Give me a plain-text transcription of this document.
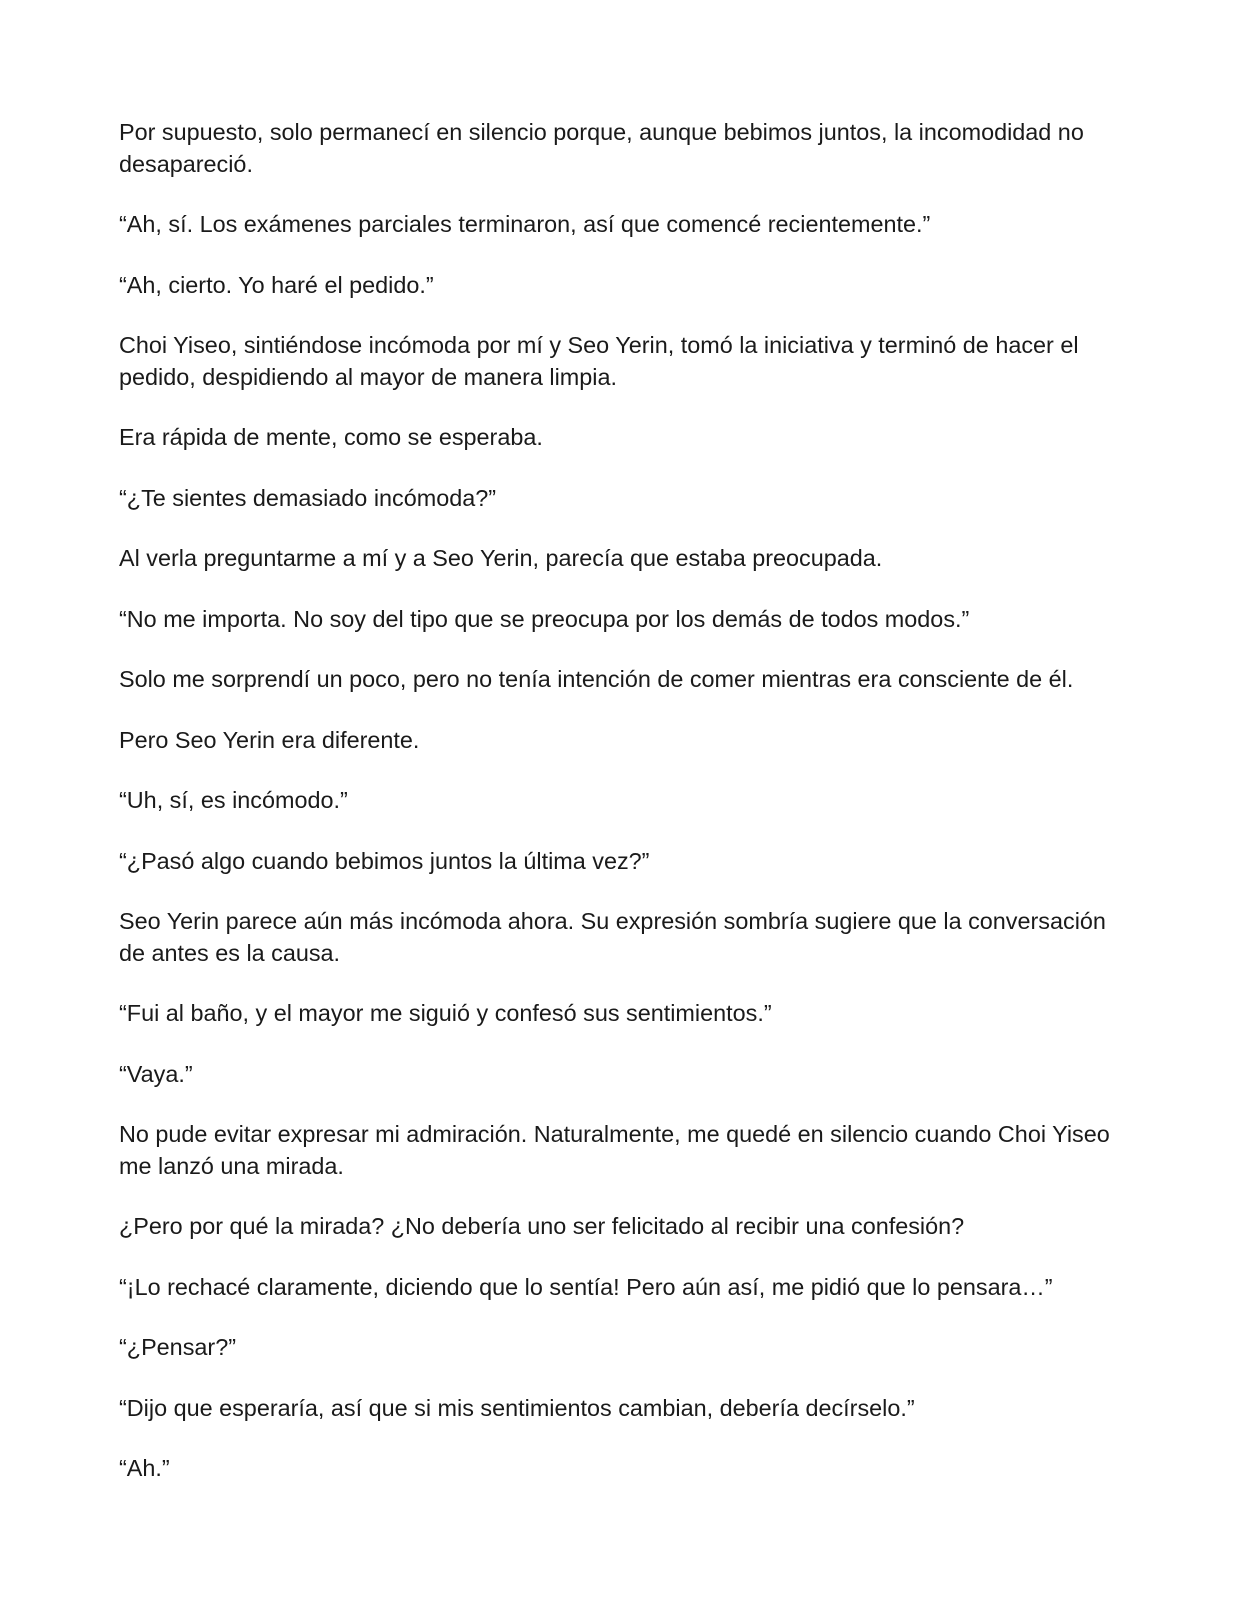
Por supuesto, solo permanecí en silencio porque, aunque bebimos juntos, la incomodidad no desapareció.

“Ah, sí. Los exámenes parciales terminaron, así que comencé recientemente.”

“Ah, cierto. Yo haré el pedido.”

Choi Yiseo, sintiéndose incómoda por mí y Seo Yerin, tomó la iniciativa y terminó de hacer el pedido, despidiendo al mayor de manera limpia.

Era rápida de mente, como se esperaba.

“¿Te sientes demasiado incómoda?”

Al verla preguntarme a mí y a Seo Yerin, parecía que estaba preocupada.

“No me importa. No soy del tipo que se preocupa por los demás de todos modos.”

Solo me sorprendí un poco, pero no tenía intención de comer mientras era consciente de él.

Pero Seo Yerin era diferente.

“Uh, sí, es incómodo.”

“¿Pasó algo cuando bebimos juntos la última vez?”

Seo Yerin parece aún más incómoda ahora. Su expresión sombría sugiere que la conversación de antes es la causa.

“Fui al baño, y el mayor me siguió y confesó sus sentimientos.”

“Vaya.”

No pude evitar expresar mi admiración. Naturalmente, me quedé en silencio cuando Choi Yiseo me lanzó una mirada.

¿Pero por qué la mirada? ¿No debería uno ser felicitado al recibir una confesión?

“¡Lo rechacé claramente, diciendo que lo sentía! Pero aún así, me pidió que lo pensara…”

“¿Pensar?”

“Dijo que esperaría, así que si mis sentimientos cambian, debería decírselo.”

“Ah.”
